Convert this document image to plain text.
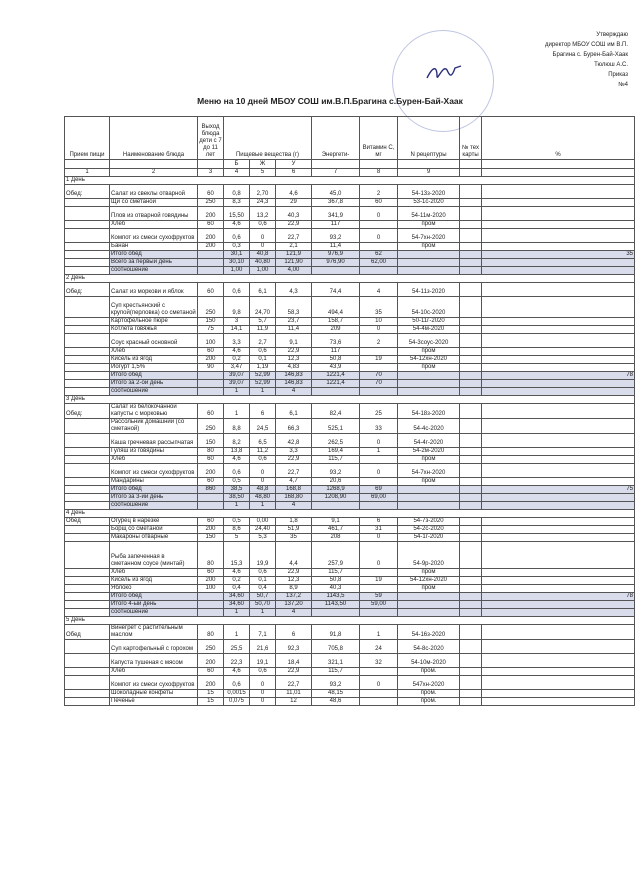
Утверждаю
директор МБОУ СОШ им В.П.
Брагина с. Бурен-Бай-Хаак
Тюлюш А.С.
Приказ
№4
Меню на 10 дней МБОУ СОШ им.В.П.Брагина с.Бурен-Бай-Хаак
Прием пищи	Наименование блюда	Выход блюда дети с 7 до 11 лет	Пищевые вещества (г)			Энергети-	Витамин С, мг	N рецептуры	№ тех карты	%
			Б	Ж	У					
1	2	3	4	5	6	7	8	9		
1 День										
Обед:	Салат из свеклы отварной	60	0,8	2,70	4,6	45,0	2	54-13з-2020		
	Щи со сметаной	250	8,3	24,3	29	367,8	60	53-1с-2020		
	Плов из отварной говядины	200	15,50	13,2	40,3	341,9	0	54-11м-2020		
	Хлеб	60	4,6	0,6	22,9	117		пром		
	Компот из смеси сухофруктов	200	0,6	0	22,7	93,2	0	54-7хн-2020		
	Банан	200	0,3	0	2,1	11,4		пром		
	Итого обед		30,1	40,8	121,9	976,9	62			35
	Всего за первый день		30,10	40,80	121,90	976,90	62,00			
	соотношение		1,00	1,00	4,00					
2 День										
Обед:	Салат из моркови и яблок	60	0,6	6,1	4,3	74,4	4	54-11з-2020		
	Суп крестьянский с крупой(перловка) со сметаной	250	9,8	24,70	58,3	494,4	35	54-10с-2020		
	Картофельное пюре	150	3	5,7	23,7	158,7	10	50-11г-2020		
	Котлета говяжья	75	14,1	11,9	11,4	209	0	54-4м-2020		
	Соус красный основной	100	3,3	2,7	9,1	73,6	2	54-3соус-2020		
	Хлеб	60	4,6	0,6	22,9	117		пром		
	Кисель из ягод	200	0,2	0,1	12,3	50,8	19	54-12хн-2020		
	Йогурт 1,5%	90	3,47	1,19	4,83	43,9		пром		
	Итого обед		39,07	52,99	146,83	1221,4	70			78
	Итого за 2-ой день		39,07	52,99	146,83	1221,4	70			
	соотношение		1	1	4					
3 День										
Обед:	Салат из белокочанной капусты с морковью	60	1	6	6,1	82,4	25	54-18з-2020		
	Рассольник домашний (со сметаной)	250	8,8	24,5	66,3	525,1	33	54-4с-2020		
	Каша гречневая рассыпчатая	150	8,2	6,5	42,8	262,5	0	54-4г-2020		
	Гуляш из говядины	80	13,8	11,2	3,3	169,4	1	54-2м-2020		
	Хлеб	60	4,6	0,6	22,9	115,7		пром		
	Компот из смеси сухофруктов	200	0,6	0	22,7	93,2	0	54-7хн-2020		
	Мандарины	60	0,5	0	4,7	20,6		пром		
	Итого обед	860	38,5	48,8	168,8	1268,9	69			75
	Итого за 3-ий день		38,50	48,80	168,80	1208,90	69,00			
	соотношение		1	1	4					
4 День										
Обед	Огурец в нарезке	60	0,5	0,00	1,8	9,1	6	54-7з-2020		
	Борщ со сметаной	200	8,6	24,40	51,9	461,7	31	54-2с-2020		
	Макароны отварные	150	5	5,3	35	208	0	54-1г-2020		
	Рыба запеченная в сметанном соусе (минтай)	80	15,3	19,9	4,4	257,9	0	54-9р-2020		
	Хлеб	60	4,6	0,6	22,9	115,7		пром		
	Кисель из ягод	200	0,2	0,1	12,3	50,8	19	54-12хн-2020		
	Яблоко	100	0,4	0,4	8,9	40,3		пром		
	Итого обед		34,60	50,7	137,2	1143,5	59			78
	Итого 4-ый день		34,60	50,70	137,20	1143,50	59,00			
	соотношение		1	1	4					
5 День										
Обед	Винегрет с растительным маслом	80	1	7,1	6	91,8	1	54-16з-2020		
	Суп картофельный с горохом	250	25,5	21,6	92,3	705,8	24	54-8с-2020		
	Капуста тушеная с мясом	200	22,3	19,1	18,4	321,1	32	54-10м-2020		
	Хлеб	60	4,6	0,6	22,9	115,7		пром.		
	Компот из смеси сухофруктов	200	0,6	0	22,7	93,2	0	547хн-2020		
	Шоколадные конфеты	15	0,0015	0	11,01	48,15		пром.		
	Печенье	15	0,075	0	12	48,6		пром.		
